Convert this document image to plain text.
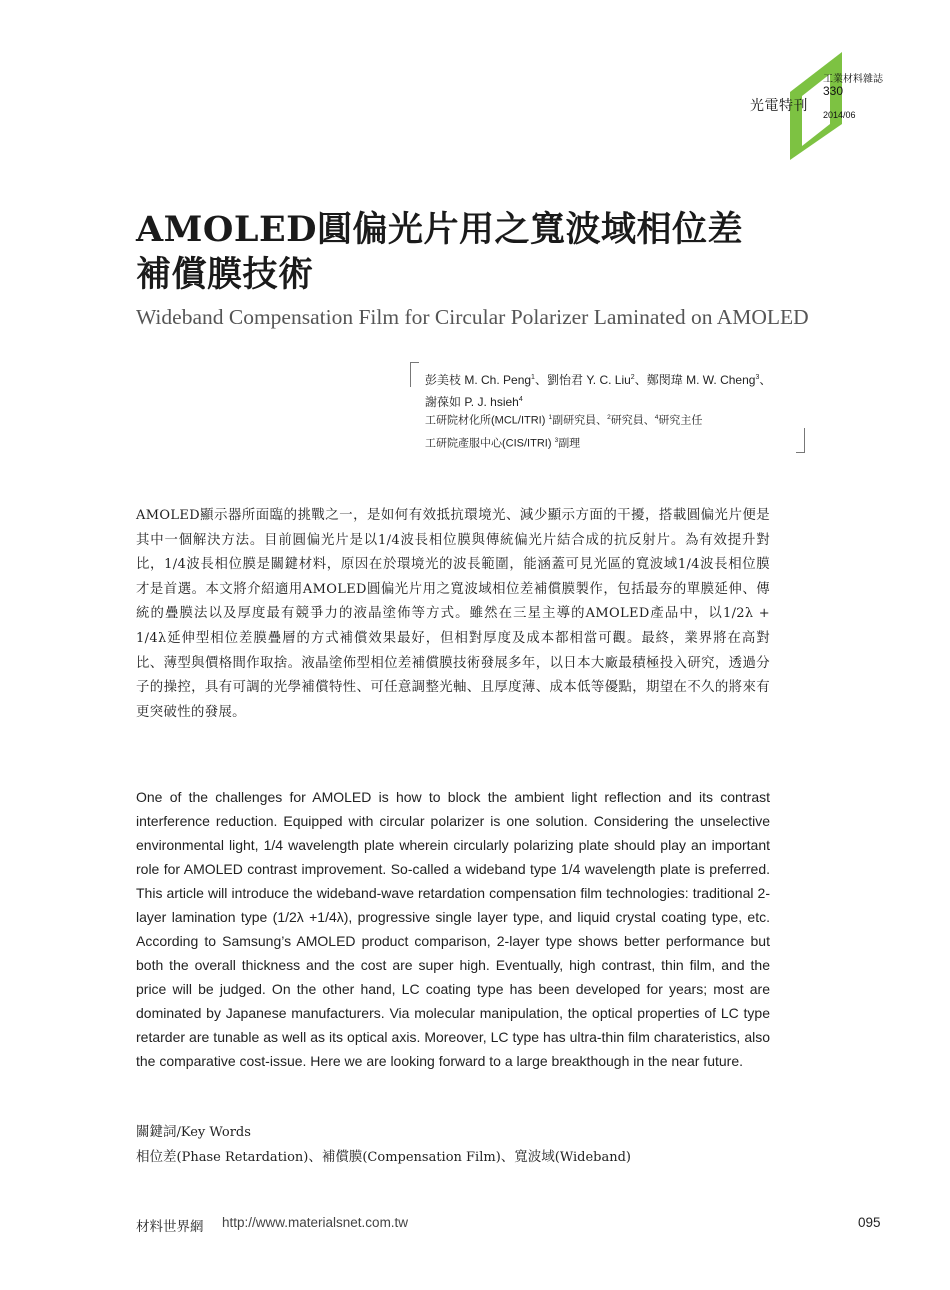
光電特刊
工業材料雜誌
330
2014/06
AMOLED圓偏光片用之寬波域相位差
補償膜技術
Wideband Compensation Film for Circular Polarizer Laminated on AMOLED
彭美枝 M. Ch. Peng$^1$、劉怡君 Y. C. Liu$^2$、鄭閔瑋 M. W. Cheng$^3$、
謝葆如 P. J. hsieh$^4$
工研院材化所(MCL/ITRI) $^1$副研究員、$^2$研究員、$^4$研究主任
工研院產服中心(CIS/ITRI) $^3$副理
AMOLED顯示器所面臨的挑戰之一，是如何有效抵抗環境光、減少顯示方面的干擾，搭載圓偏光片便是其中一個解決方法。目前圓偏光片是以1/4波長相位膜與傳統偏光片結合成的抗反射片。為有效提升對比，1/4波長相位膜是關鍵材料，原因在於環境光的波長範圍，能涵蓋可見光區的寬波域1/4波長相位膜才是首選。本文將介紹適用AMOLED圓偏光片用之寬波域相位差補償膜製作，包括最夯的單膜延伸、傳統的疊膜法以及厚度最有競爭力的液晶塗佈等方式。雖然在三星主導的AMOLED產品中，以1/2λ + 1/4λ延伸型相位差膜疊層的方式補償效果最好，但相對厚度及成本都相當可觀。最終，業界將在高對比、薄型與價格間作取捨。液晶塗佈型相位差補償膜技術發展多年，以日本大廠最積極投入研究，透過分子的操控，具有可調的光學補償特性、可任意調整光軸、且厚度薄、成本低等優點，期望在不久的將來有更突破性的發展。
One of the challenges for AMOLED is how to block the ambient light reflection and its contrast interference reduction. Equipped with circular polarizer is one solution. Considering the unselective environmental light, 1/4 wavelength plate wherein circularly polarizing plate should play an important role for AMOLED contrast improvement. So-called a wideband type 1/4 wavelength plate is preferred. This article will introduce the wideband-wave retardation compensation film technologies: traditional 2-layer lamination type (1/2λ +1/4λ), progressive single layer type, and liquid crystal coating type, etc. According to Samsung’s AMOLED product comparison, 2-layer type shows better performance but both the overall thickness and the cost are super high. Eventually, high contrast, thin film, and the price will be judged. On the other hand, LC coating type has been developed for years; most are dominated by Japanese manufacturers. Via molecular manipulation, the optical properties of LC type retarder are tunable as well as its optical axis. Moreover, LC type has ultra-thin film charateristics, also the comparative cost-issue. Here we are looking forward to a large breakthough in the near future.
關鍵詞/Key Words
相位差(Phase Retardation)、補償膜(Compensation Film)、寬波域(Wideband)
材料世界網 http://www.materialsnet.com.tw	095
